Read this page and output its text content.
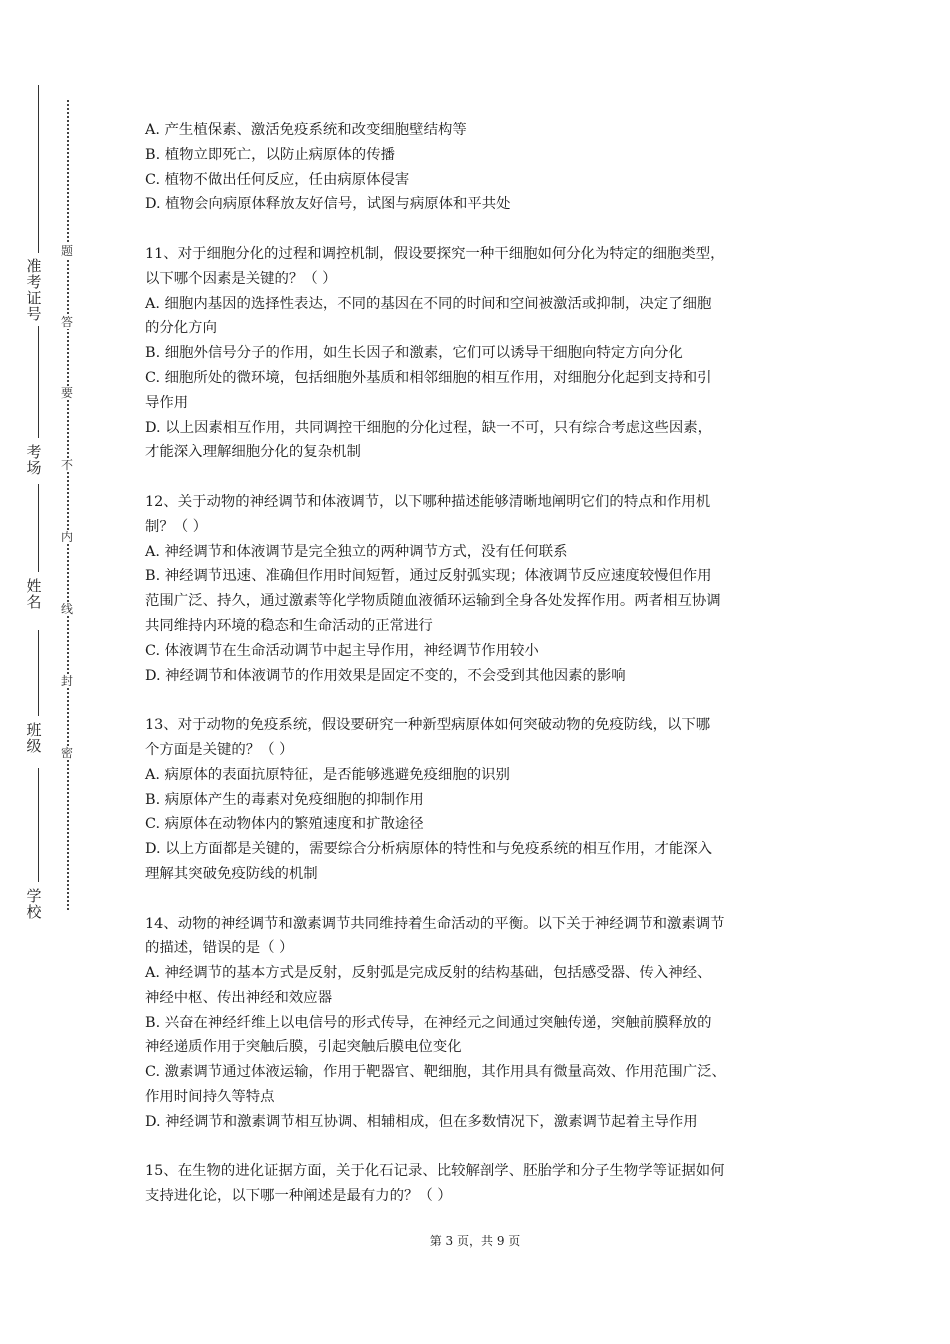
准考证号
考场
姓名
班级
学校
题
答
要
不
内
线
封
密

A. 产生植保素、激活免疫系统和改变细胞壁结构等

B. 植物立即死亡，以防止病原体的传播

C. 植物不做出任何反应，任由病原体侵害

D. 植物会向病原体释放友好信号，试图与病原体和平共处

11、对于细胞分化的过程和调控机制，假设要探究一种干细胞如何分化为特定的细胞类型，

以下哪个因素是关键的？（ ）

A. 细胞内基因的选择性表达，不同的基因在不同的时间和空间被激活或抑制，决定了细胞

的分化方向

B. 细胞外信号分子的作用，如生长因子和激素，它们可以诱导干细胞向特定方向分化

C. 细胞所处的微环境，包括细胞外基质和相邻细胞的相互作用，对细胞分化起到支持和引

导作用

D. 以上因素相互作用，共同调控干细胞的分化过程，缺一不可，只有综合考虑这些因素，

才能深入理解细胞分化的复杂机制

12、关于动物的神经调节和体液调节，以下哪种描述能够清晰地阐明它们的特点和作用机

制？（ ）

A. 神经调节和体液调节是完全独立的两种调节方式，没有任何联系

B. 神经调节迅速、准确但作用时间短暂，通过反射弧实现；体液调节反应速度较慢但作用

范围广泛、持久，通过激素等化学物质随血液循环运输到全身各处发挥作用。两者相互协调

共同维持内环境的稳态和生命活动的正常进行

C. 体液调节在生命活动调节中起主导作用，神经调节作用较小

D. 神经调节和体液调节的作用效果是固定不变的，不会受到其他因素的影响

13、对于动物的免疫系统，假设要研究一种新型病原体如何突破动物的免疫防线，以下哪

个方面是关键的？（ ）

A. 病原体的表面抗原特征，是否能够逃避免疫细胞的识别

B. 病原体产生的毒素对免疫细胞的抑制作用

C. 病原体在动物体内的繁殖速度和扩散途径

D. 以上方面都是关键的，需要综合分析病原体的特性和与免疫系统的相互作用，才能深入

理解其突破免疫防线的机制

14、动物的神经调节和激素调节共同维持着生命活动的平衡。以下关于神经调节和激素调节

的描述，错误的是（ ）

A. 神经调节的基本方式是反射，反射弧是完成反射的结构基础，包括感受器、传入神经、

神经中枢、传出神经和效应器

B. 兴奋在神经纤维上以电信号的形式传导，在神经元之间通过突触传递，突触前膜释放的

神经递质作用于突触后膜，引起突触后膜电位变化

C. 激素调节通过体液运输，作用于靶器官、靶细胞，其作用具有微量高效、作用范围广泛、

作用时间持久等特点

D. 神经调节和激素调节相互协调、相辅相成，但在多数情况下，激素调节起着主导作用

15、在生物的进化证据方面，关于化石记录、比较解剖学、胚胎学和分子生物学等证据如何

支持进化论，以下哪一种阐述是最有力的？（ ）

第 3 页，共 9 页
